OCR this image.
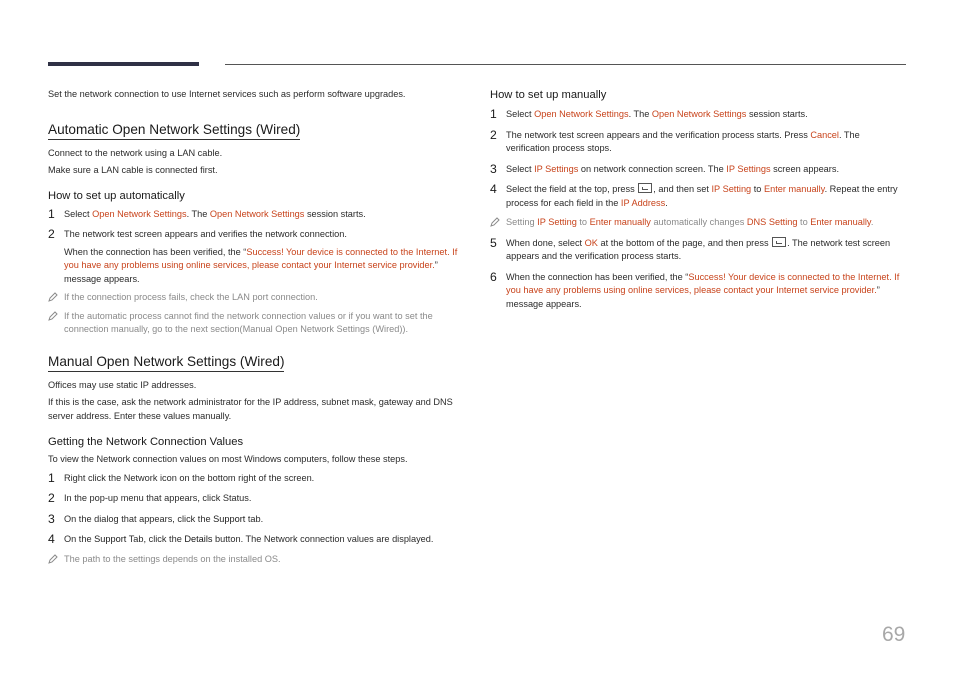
Set the network connection to use Internet services such as perform software upgrades.

Automatic Open Network Settings (Wired)

Connect to the network using a LAN cable.

Make sure a LAN cable is connected first.

How to set up automatically
1 Select Open Network Settings. The Open Network Settings session starts.
2 The network test screen appears and verifies the network connection.
When the connection has been verified, the “Success! Your device is connected to the Internet. If you have any problems using online services, please contact your Internet service provider.” message appears.
If the connection process fails, check the LAN port connection.
If the automatic process cannot find the network connection values or if you want to set the connection manually, go to the next section(Manual Open Network Settings (Wired)).
Manual Open Network Settings (Wired)

Offices may use static IP addresses.

If this is the case, ask the network administrator for the IP address, subnet mask, gateway and DNS server address. Enter these values manually.

Getting the Network Connection Values

To view the Network connection values on most Windows computers, follow these steps.

1 Right click the Network icon on the bottom right of the screen.
2 In the pop-up menu that appears, click Status.
3 On the dialog that appears, click the Support tab.
4 On the Support Tab, click the Details button. The Network connection values are displayed.
The path to the settings depends on the installed OS.
How to set up manually
1 Select Open Network Settings. The Open Network Settings session starts.
2 The network test screen appears and the verification process starts. Press Cancel. The verification process stops.
3 Select IP Settings on network connection screen. The IP Settings screen appears.
4 Select the field at the top, press , and then set IP Setting to Enter manually. Repeat the entry process for each field in the IP Address.
Setting IP Setting to Enter manually automatically changes DNS Setting to Enter manually.
5 When done, select OK at the bottom of the page, and then press . The network test screen appears and the verification process starts.
6 When the connection has been verified, the “Success! Your device is connected to the Internet. If you have any problems using online services, please contact your Internet service provider.” message appears.
69
